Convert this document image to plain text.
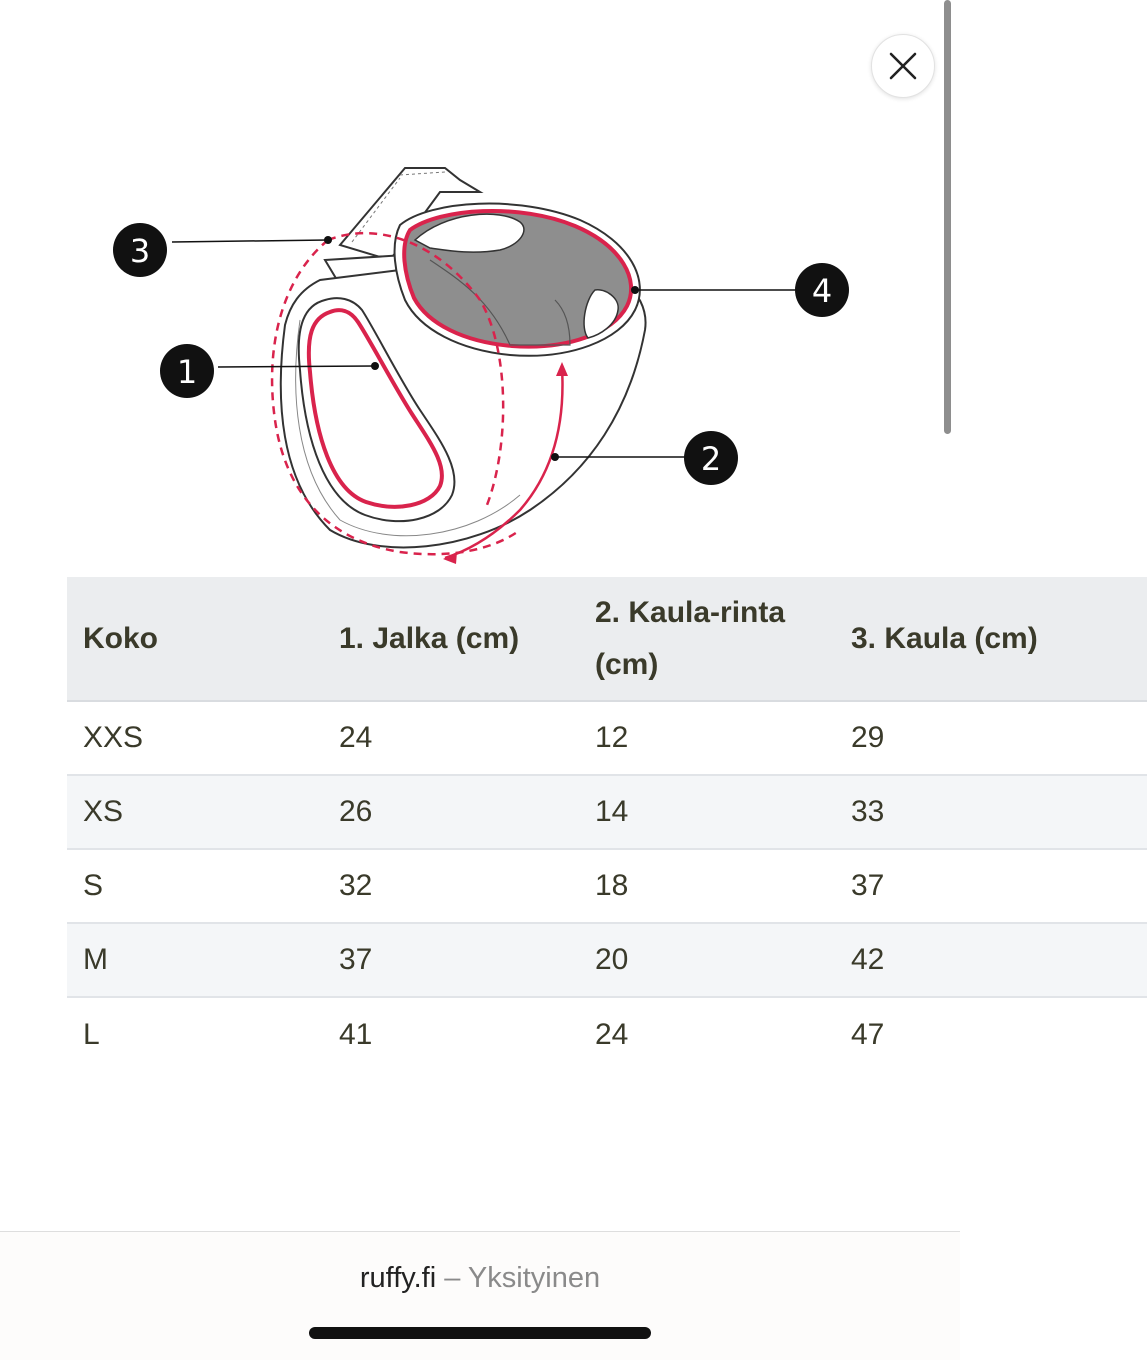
3
1
4
2
Koko	1. Jalka (cm)	2. Kaula-rinta (cm)	3. Kaula (cm)
XXS	24	12	29
XS	26	14	33
S	32	18	37
M	37	20	42
L	41	24	47
ruffy.fi – Yksityinen
